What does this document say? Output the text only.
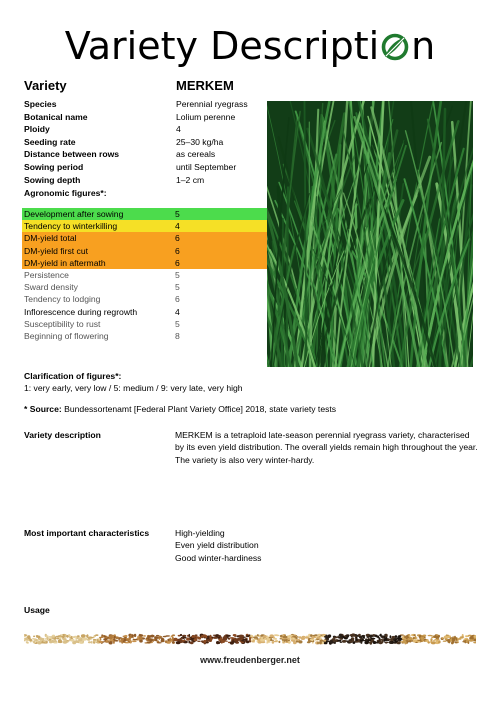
Variety Descripti n
Variety	MERKEM
Species	Perennial ryegrass
Botanical name	Lolium perenne
Ploidy	4
Seeding rate	25–30 kg/ha
Distance between rows	as cereals
Sowing period	until September
Sowing depth	1–2 cm
Agronomic figures*:
Development after sowing	5
Tendency to winterkilling	4
DM-yield total	6
DM-yield first cut	6
DM-yield in aftermath	6
Persistence	5
Sward density	5
Tendency to lodging	6
Inflorescence during regrowth	4
Susceptibility to rust	5
Beginning of flowering	8
Clarification of figures*:
1: very early, very low / 5: medium / 9: very late, very high
* Source: Bundessortenamt [Federal Plant Variety Office] 2018, state variety tests
Variety description	MERKEM is a tetraploid late-season perennial ryegrass variety, characterised by its even yield distribution. The overall yields remain high throughout the year. The variety is also very winter-hardy.
Most important characteristics	High-yielding
Even yield distribution
Good winter-hardiness
Usage
www.freudenberger.net
